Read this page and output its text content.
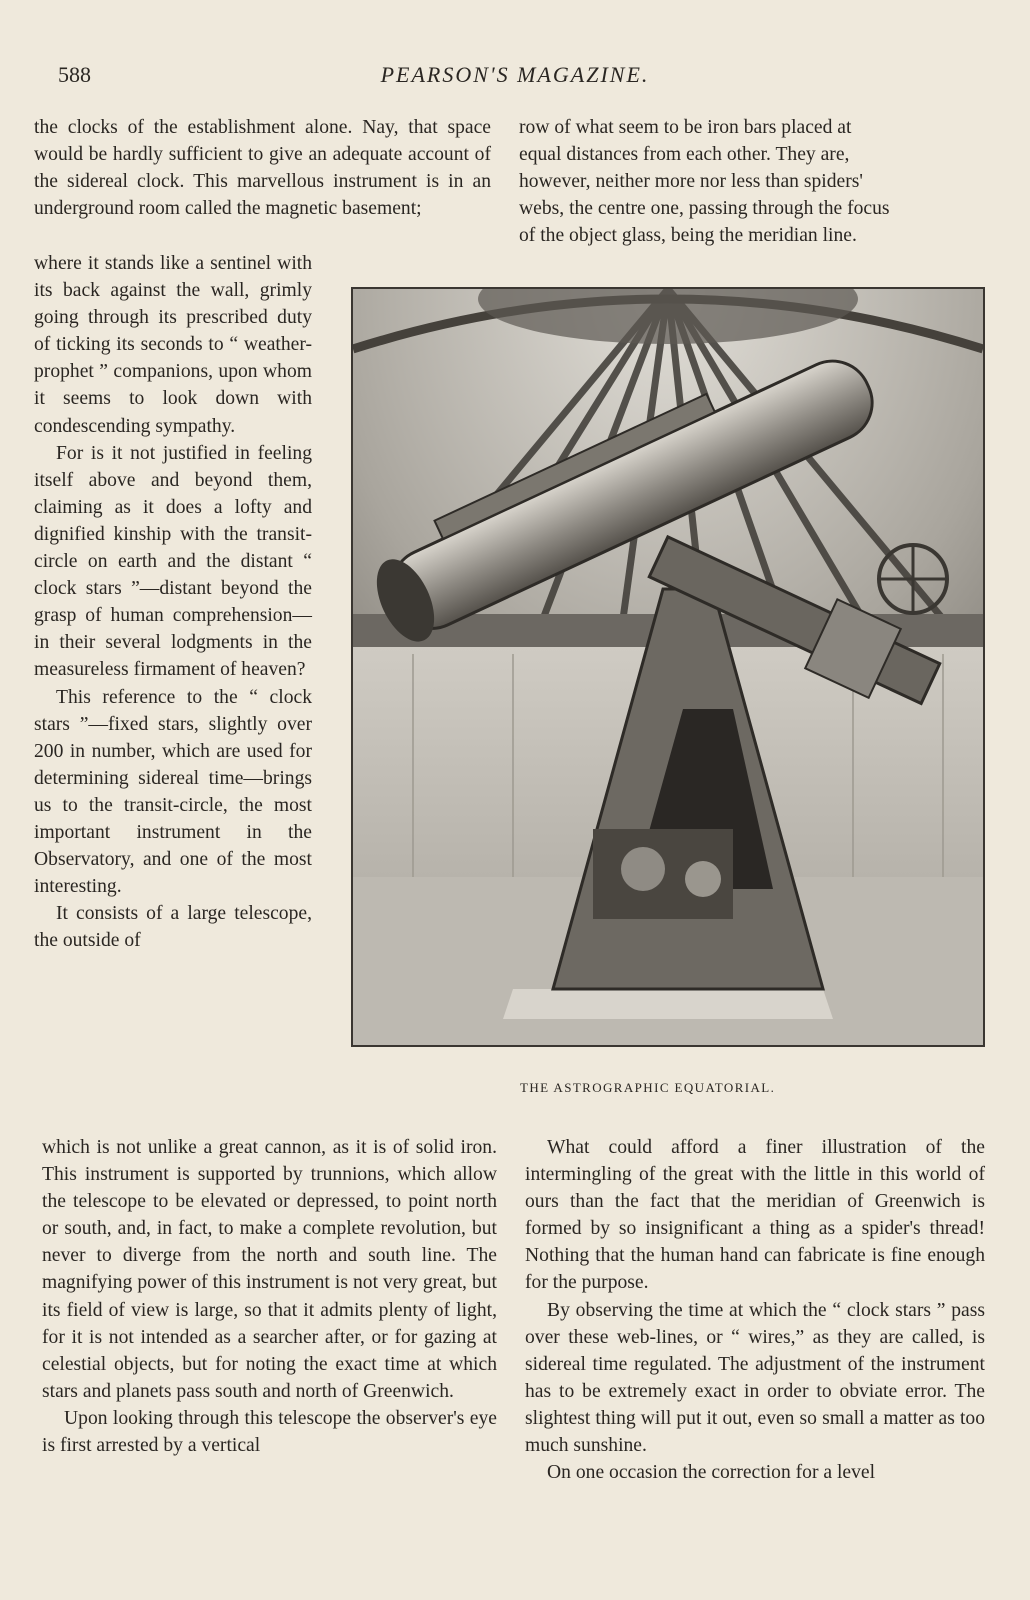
588	PEARSON'S MAGAZINE.

the clocks of the establishment alone. Nay, that space would be hardly sufficient to give an adequate account of the sidereal clock. This marvellous instrument is in an underground room called the magnetic basement;

where it stands like a sentinel with its back against the wall, grimly going through its prescribed duty of ticking its seconds to “ weather-prophet ” companions, upon whom it seems to look down with condescending sympathy.

For is it not justified in feeling itself above and beyond them, claiming as it does a lofty and dignified kinship with the transit-circle on earth and the distant “ clock stars ”—distant beyond the grasp of human comprehension—in their several lodgments in the measureless firmament of heaven?

This reference to the “ clock stars ”—fixed stars, slightly over 200 in number, which are used for determining sidereal time—brings us to the transit-circle, the most important instrument in the Observatory, and one of the most interesting.

It consists of a large telescope, the outside of

which is not unlike a great cannon, as it is of solid iron. This instrument is supported by trunnions, which allow the telescope to be elevated or depressed, to point north or south, and, in fact, to make a complete revolution, but never to diverge from the north and south line. The magnifying power of this instrument is not very great, but its field of view is large, so that it admits plenty of light, for it is not intended as a searcher after, or for gazing at celestial objects, but for noting the exact time at which stars and planets pass south and north of Greenwich.

Upon looking through this telescope the observer's eye is first arrested by a vertical

row of what seem to be iron bars placed at

equal distances from each other. They are,

however, neither more nor less than spiders'

webs, the centre one, passing through the focus

of the object glass, being the meridian line.

THE ASTROGRAPHIC EQUATORIAL.

What could afford a finer illustration of the intermingling of the great with the little in this world of ours than the fact that the meridian of Greenwich is formed by so insignificant a thing as a spider's thread! Nothing that the human hand can fabricate is fine enough for the purpose.

By observing the time at which the “ clock stars ” pass over these web-lines, or “ wires,” as they are called, is sidereal time regulated. The adjustment of the instrument has to be extremely exact in order to obviate error. The slightest thing will put it out, even so small a matter as too much sunshine.

On one occasion the correction for a level
